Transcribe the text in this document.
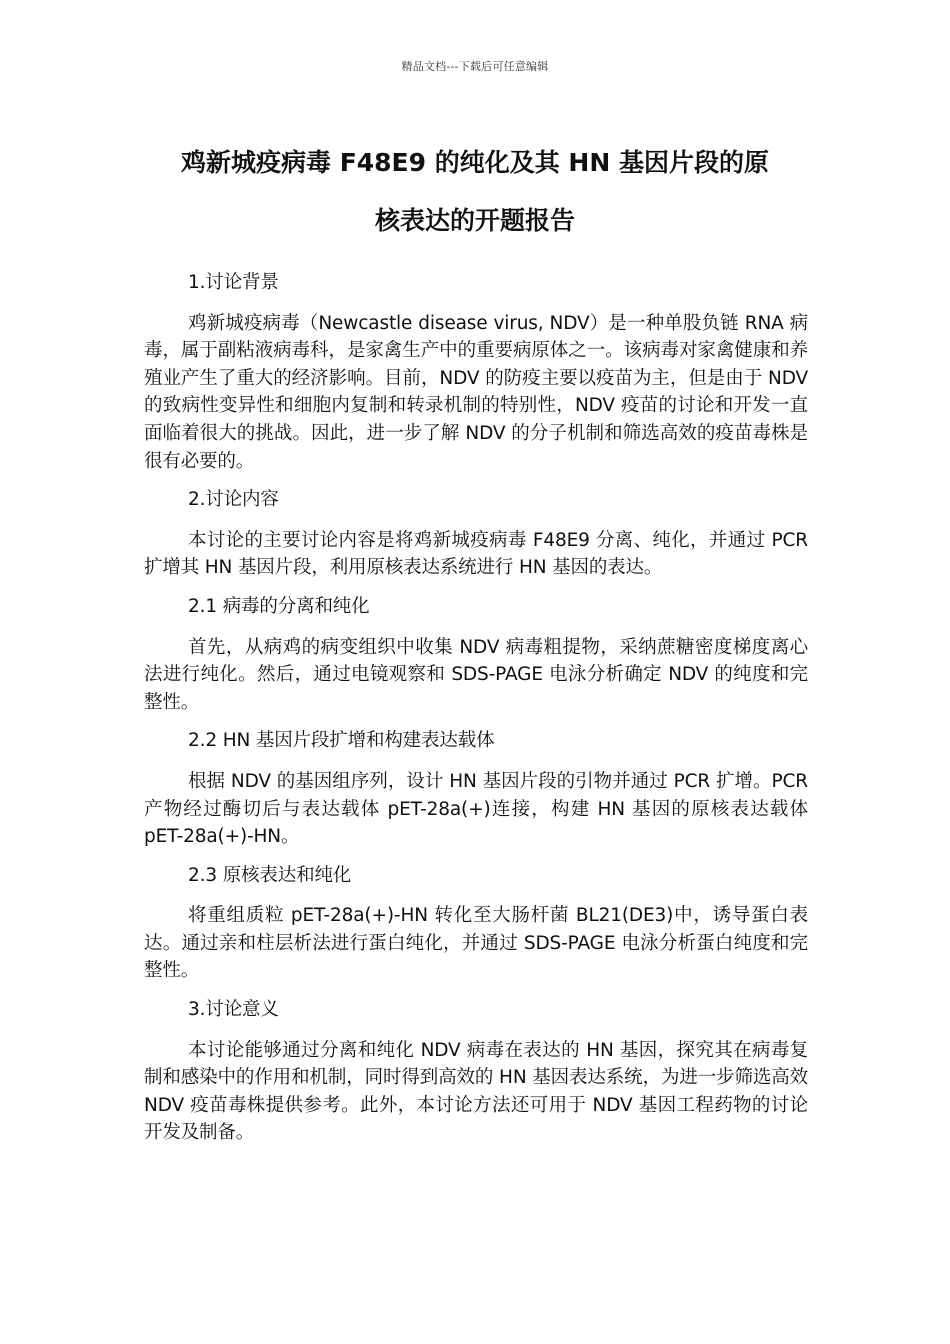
精品文档---下载后可任意编辑
鸡新城疫病毒 F48E9 的纯化及其 HN 基因片段的原
核表达的开题报告

1.讨论背景

鸡新城疫病毒（Newcastle disease virus, NDV）是一种单股负链 RNA 病毒，属于副粘液病毒科，是家禽生产中的重要病原体之一。该病毒对家禽健康和养殖业产生了重大的经济影响。目前，NDV 的防疫主要以疫苗为主，但是由于 NDV 的致病性变异性和细胞内复制和转录机制的特别性，NDV 疫苗的讨论和开发一直面临着很大的挑战。因此，进一步了解 NDV 的分子机制和筛选高效的疫苗毒株是很有必要的。

2.讨论内容

本讨论的主要讨论内容是将鸡新城疫病毒 F48E9 分离、纯化，并通过 PCR 扩增其 HN 基因片段，利用原核表达系统进行 HN 基因的表达。

2.1 病毒的分离和纯化

首先，从病鸡的病变组织中收集 NDV 病毒粗提物，采纳蔗糖密度梯度离心法进行纯化。然后，通过电镜观察和 SDS-PAGE 电泳分析确定 NDV 的纯度和完整性。

2.2 HN 基因片段扩增和构建表达载体

根据 NDV 的基因组序列，设计 HN 基因片段的引物并通过 PCR 扩增。PCR 产物经过酶切后与表达载体 pET-28a(+)连接，构建 HN 基因的原核表达载体 pET-28a(+)-HN。

2.3 原核表达和纯化

将重组质粒 pET-28a(+)-HN 转化至大肠杆菌 BL21(DE3)中，诱导蛋白表达。通过亲和柱层析法进行蛋白纯化，并通过 SDS-PAGE 电泳分析蛋白纯度和完整性。

3.讨论意义

本讨论能够通过分离和纯化 NDV 病毒在表达的 HN 基因，探究其在病毒复制和感染中的作用和机制，同时得到高效的 HN 基因表达系统，为进一步筛选高效 NDV 疫苗毒株提供参考。此外，本讨论方法还可用于 NDV 基因工程药物的讨论开发及制备。
